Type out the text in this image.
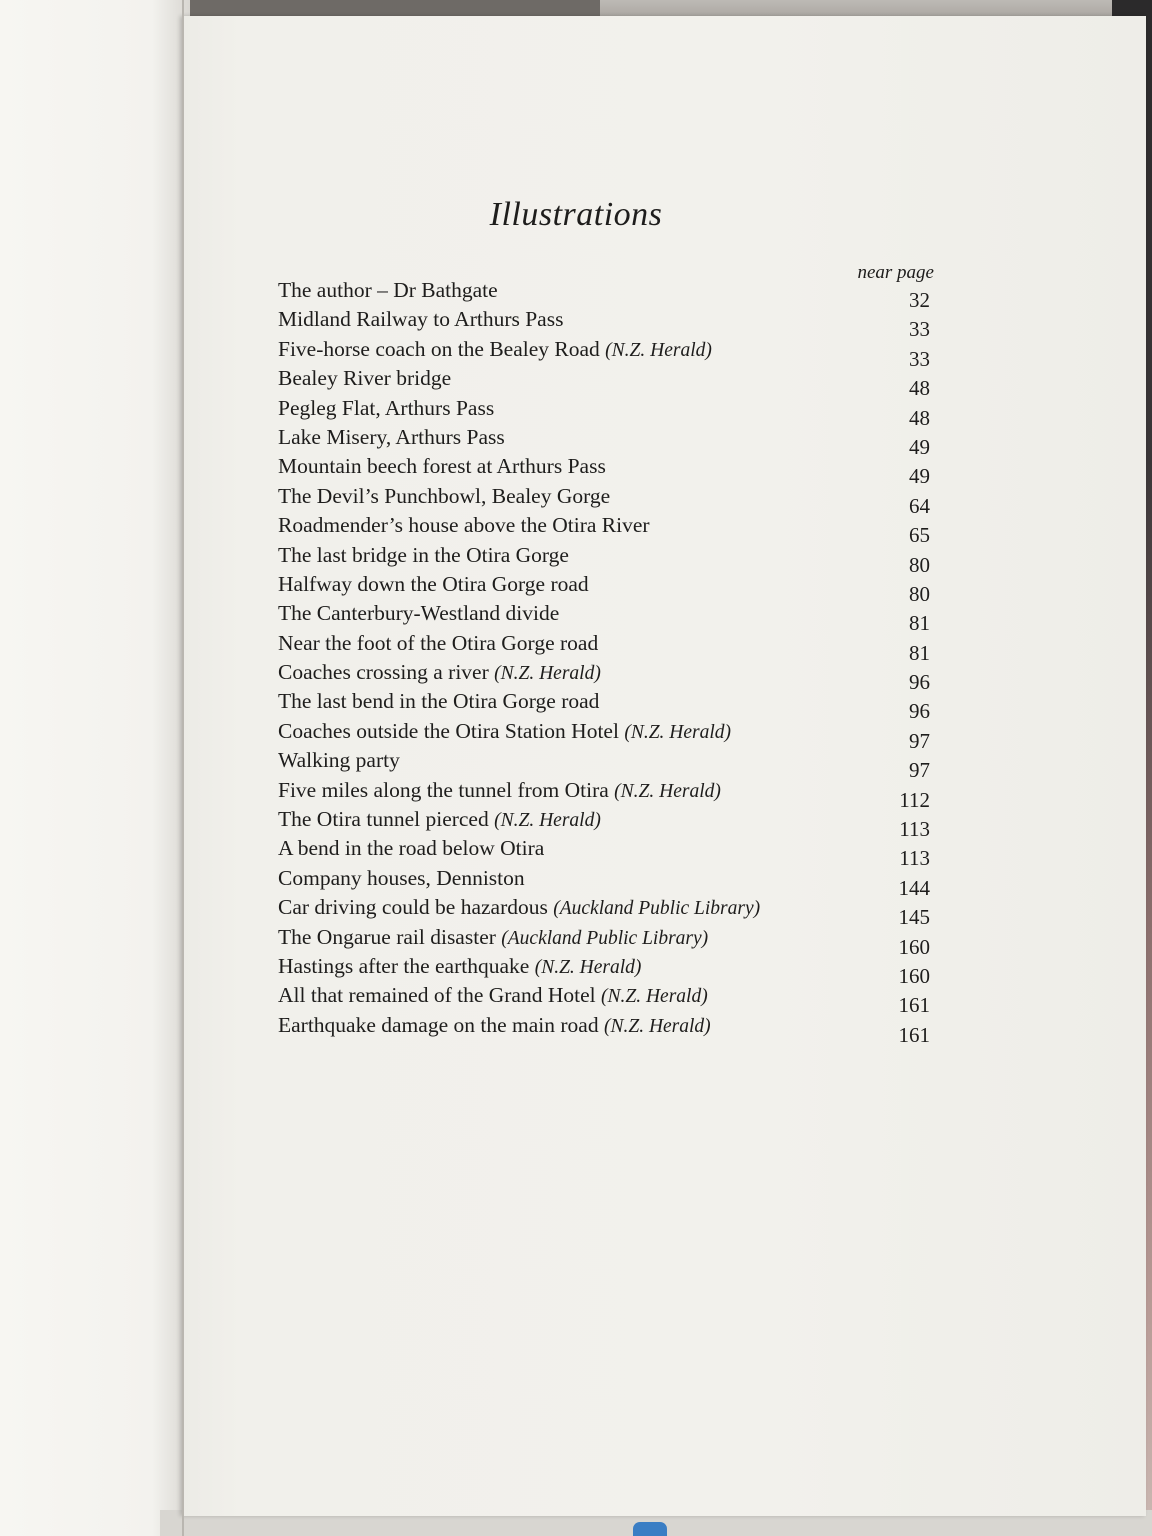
Illustrations
near page
The author – Dr Bathgate	32
Midland Railway to Arthurs Pass	33
Five-horse coach on the Bealey Road (N.Z. Herald)	33
Bealey River bridge	48
Pegleg Flat, Arthurs Pass	48
Lake Misery, Arthurs Pass	49
Mountain beech forest at Arthurs Pass	49
The Devil’s Punchbowl, Bealey Gorge	64
Roadmender’s house above the Otira River	65
The last bridge in the Otira Gorge	80
Halfway down the Otira Gorge road	80
The Canterbury-Westland divide	81
Near the foot of the Otira Gorge road	81
Coaches crossing a river (N.Z. Herald)	96
The last bend in the Otira Gorge road	96
Coaches outside the Otira Station Hotel (N.Z. Herald)	97
Walking party	97
Five miles along the tunnel from Otira (N.Z. Herald)	112
The Otira tunnel pierced (N.Z. Herald)	113
A bend in the road below Otira	113
Company houses, Denniston	144
Car driving could be hazardous (Auckland Public Library)	145
The Ongarue rail disaster (Auckland Public Library)	160
Hastings after the earthquake (N.Z. Herald)	160
All that remained of the Grand Hotel (N.Z. Herald)	161
Earthquake damage on the main road (N.Z. Herald)	161
